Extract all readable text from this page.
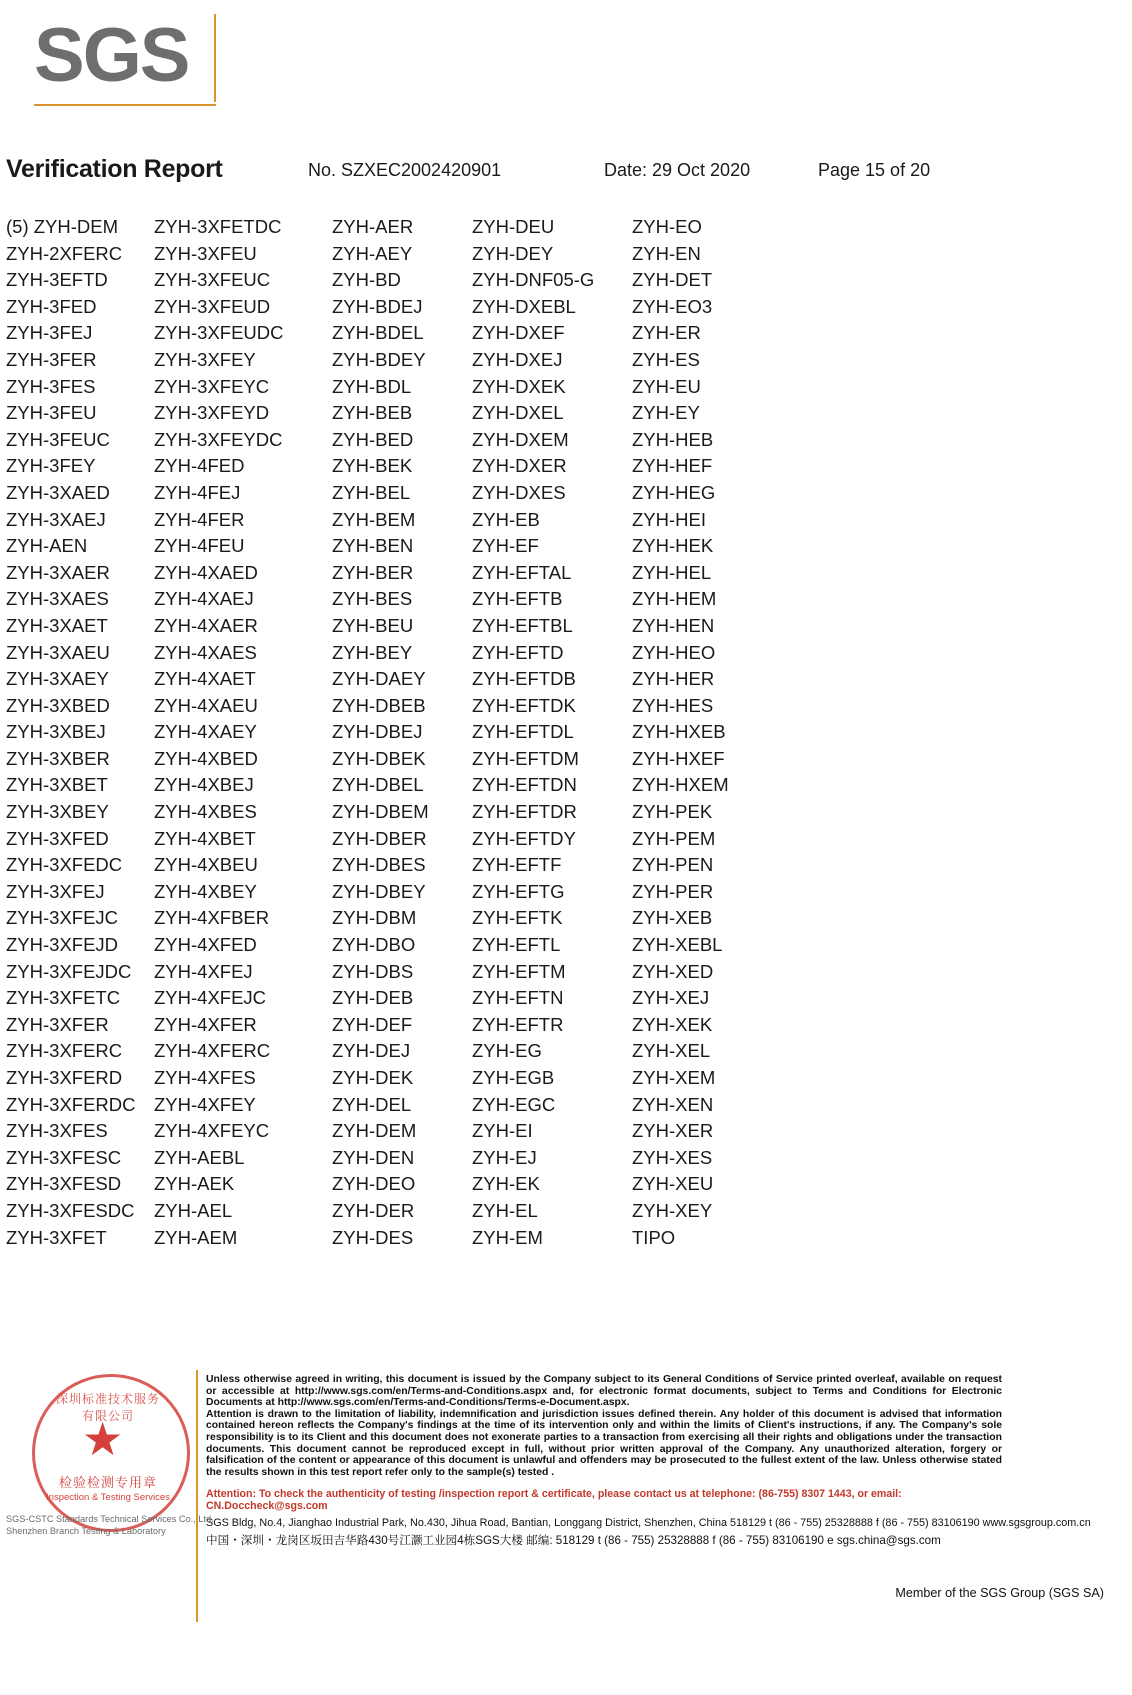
SGS
Verification Report	No. SZXEC2002420901	Date: 29 Oct 2020	Page 15 of 20
(5) ZYH-DEM ZYH-3XFETDC	ZYH-AER	ZYH-DEU	ZYH-EO
ZYH-2XFERC ZYH-3XFEU	ZYH-AEY	ZYH-DEY	ZYH-EN
ZYH-3EFTD	ZYH-3XFEUC	ZYH-BD	ZYH-DNF05-G ZYH-DET
ZYH-3FED	ZYH-3XFEUD	ZYH-BDEJ	ZYH-DXEBL	ZYH-EO3
ZYH-3FEJ	ZYH-3XFEUDC	ZYH-BDEL	ZYH-DXEF	ZYH-ER
ZYH-3FER	ZYH-3XFEY	ZYH-BDEY	ZYH-DXEJ	ZYH-ES
ZYH-3FES	ZYH-3XFEYC	ZYH-BDL	ZYH-DXEK	ZYH-EU
ZYH-3FEU	ZYH-3XFEYD	ZYH-BEB	ZYH-DXEL	ZYH-EY
ZYH-3FEUC ZYH-3XFEYDC	ZYH-BED	ZYH-DXEM	ZYH-HEB
ZYH-3FEY	ZYH-4FED	ZYH-BEK	ZYH-DXER	ZYH-HEF
ZYH-3XAED ZYH-4FEJ	ZYH-BEL	ZYH-DXES	ZYH-HEG
ZYH-3XAEJ	ZYH-4FER	ZYH-BEM	ZYH-EB	ZYH-HEI
ZYH-AEN	ZYH-4FEU	ZYH-BEN	ZYH-EF	ZYH-HEK
ZYH-3XAER ZYH-4XAED	ZYH-BER	ZYH-EFTAL	ZYH-HEL
ZYH-3XAES ZYH-4XAEJ	ZYH-BES	ZYH-EFTB	ZYH-HEM
ZYH-3XAET ZYH-4XAER	ZYH-BEU	ZYH-EFTBL	ZYH-HEN
ZYH-3XAEU ZYH-4XAES	ZYH-BEY	ZYH-EFTD	ZYH-HEO
ZYH-3XAEY ZYH-4XAET	ZYH-DAEY	ZYH-EFTDB	ZYH-HER
ZYH-3XBED ZYH-4XAEU	ZYH-DBEB	ZYH-EFTDK	ZYH-HES
ZYH-3XBEJ	ZYH-4XAEY	ZYH-DBEJ	ZYH-EFTDL	ZYH-HXEB
ZYH-3XBER ZYH-4XBED	ZYH-DBEK	ZYH-EFTDM	ZYH-HXEF
ZYH-3XBET ZYH-4XBEJ	ZYH-DBEL	ZYH-EFTDN	ZYH-HXEM
ZYH-3XBEY ZYH-4XBES	ZYH-DBEM ZYH-EFTDR	ZYH-PEK
ZYH-3XFED ZYH-4XBET	ZYH-DBER ZYH-EFTDY	ZYH-PEM
ZYH-3XFEDC ZYH-4XBEU	ZYH-DBES	ZYH-EFTF	ZYH-PEN
ZYH-3XFEJ	ZYH-4XBEY	ZYH-DBEY	ZYH-EFTG	ZYH-PER
ZYH-3XFEJC ZYH-4XFBER	ZYH-DBM	ZYH-EFTK	ZYH-XEB
ZYH-3XFEJD ZYH-4XFED	ZYH-DBO	ZYH-EFTL	ZYH-XEBL
ZYH-3XFEJDC ZYH-4XFEJ	ZYH-DBS	ZYH-EFTM	ZYH-XED
ZYH-3XFETC ZYH-4XFEJC	ZYH-DEB	ZYH-EFTN	ZYH-XEJ
ZYH-3XFER ZYH-4XFER	ZYH-DEF	ZYH-EFTR	ZYH-XEK
ZYH-3XFERC ZYH-4XFERC	ZYH-DEJ	ZYH-EG	ZYH-XEL
ZYH-3XFERD ZYH-4XFES	ZYH-DEK	ZYH-EGB	ZYH-XEM
ZYH-3XFERDC ZYH-4XFEY	ZYH-DEL	ZYH-EGC	ZYH-XEN
ZYH-3XFES ZYH-4XFEYC	ZYH-DEM	ZYH-EI	ZYH-XER
ZYH-3XFESC ZYH-AEBL	ZYH-DEN	ZYH-EJ	ZYH-XES
ZYH-3XFESD ZYH-AEK	ZYH-DEO	ZYH-EK	ZYH-XEU
ZYH-3XFESDC ZYH-AEL	ZYH-DER	ZYH-EL	ZYH-XEY
ZYH-3XFET	ZYH-AEM	ZYH-DES	ZYH-EM	TIPO

Unless otherwise agreed in writing, this document is issued by the Company subject to its General Conditions of Service printed overleaf, available on request or accessible at http://www.sgs.com/en/Terms-and-Conditions.aspx and, for electronic format documents, subject to Terms and Conditions for Electronic Documents at http://www.sgs.com/en/Terms-and-Conditions/Terms-e-Document.aspx.

Attention is drawn to the limitation of liability, indemnification and jurisdiction issues defined therein. Any holder of this document is advised that information contained hereon reflects the Company's findings at the time of its intervention only and within the limits of Client's instructions, if any. The Company's sole responsibility is to its Client and this document does not exonerate parties to a transaction from exercising all their rights and obligations under the transaction documents. This document cannot be reproduced except in full, without prior written approval of the Company. Any unauthorized alteration, forgery or falsification of the content or appearance of this document is unlawful and offenders may be prosecuted to the fullest extent of the law. Unless otherwise stated the results shown in this test report refer only to the sample(s) tested .

Attention: To check the authenticity of testing /inspection report & certificate, please contact us at telephone: (86-755) 8307 1443, or email: CN.Doccheck@sgs.com
SGS Bldg, No.4, Jianghao Industrial Park, No.430, Jihua Road, Bantian, Longgang District, Shenzhen, China 518129 t (86 - 755) 25328888 f (86 - 755) 83106190 www.sgsgroup.com.cn
中国・深圳・龙岗区坂田吉华路430号江灏工业园4栋SGS大楼 邮编: 518129 t (86 - 755) 25328888 f (86 - 755) 83106190 e sgs.china@sgs.com
Member of the SGS Group (SGS SA)
深圳标准技术服务有限公司
检验检测专用章
Inspection & Testing Services
SGS-CSTC Standards Technical Services Co., Ltd.
Shenzhen Branch Testing & Laboratory
